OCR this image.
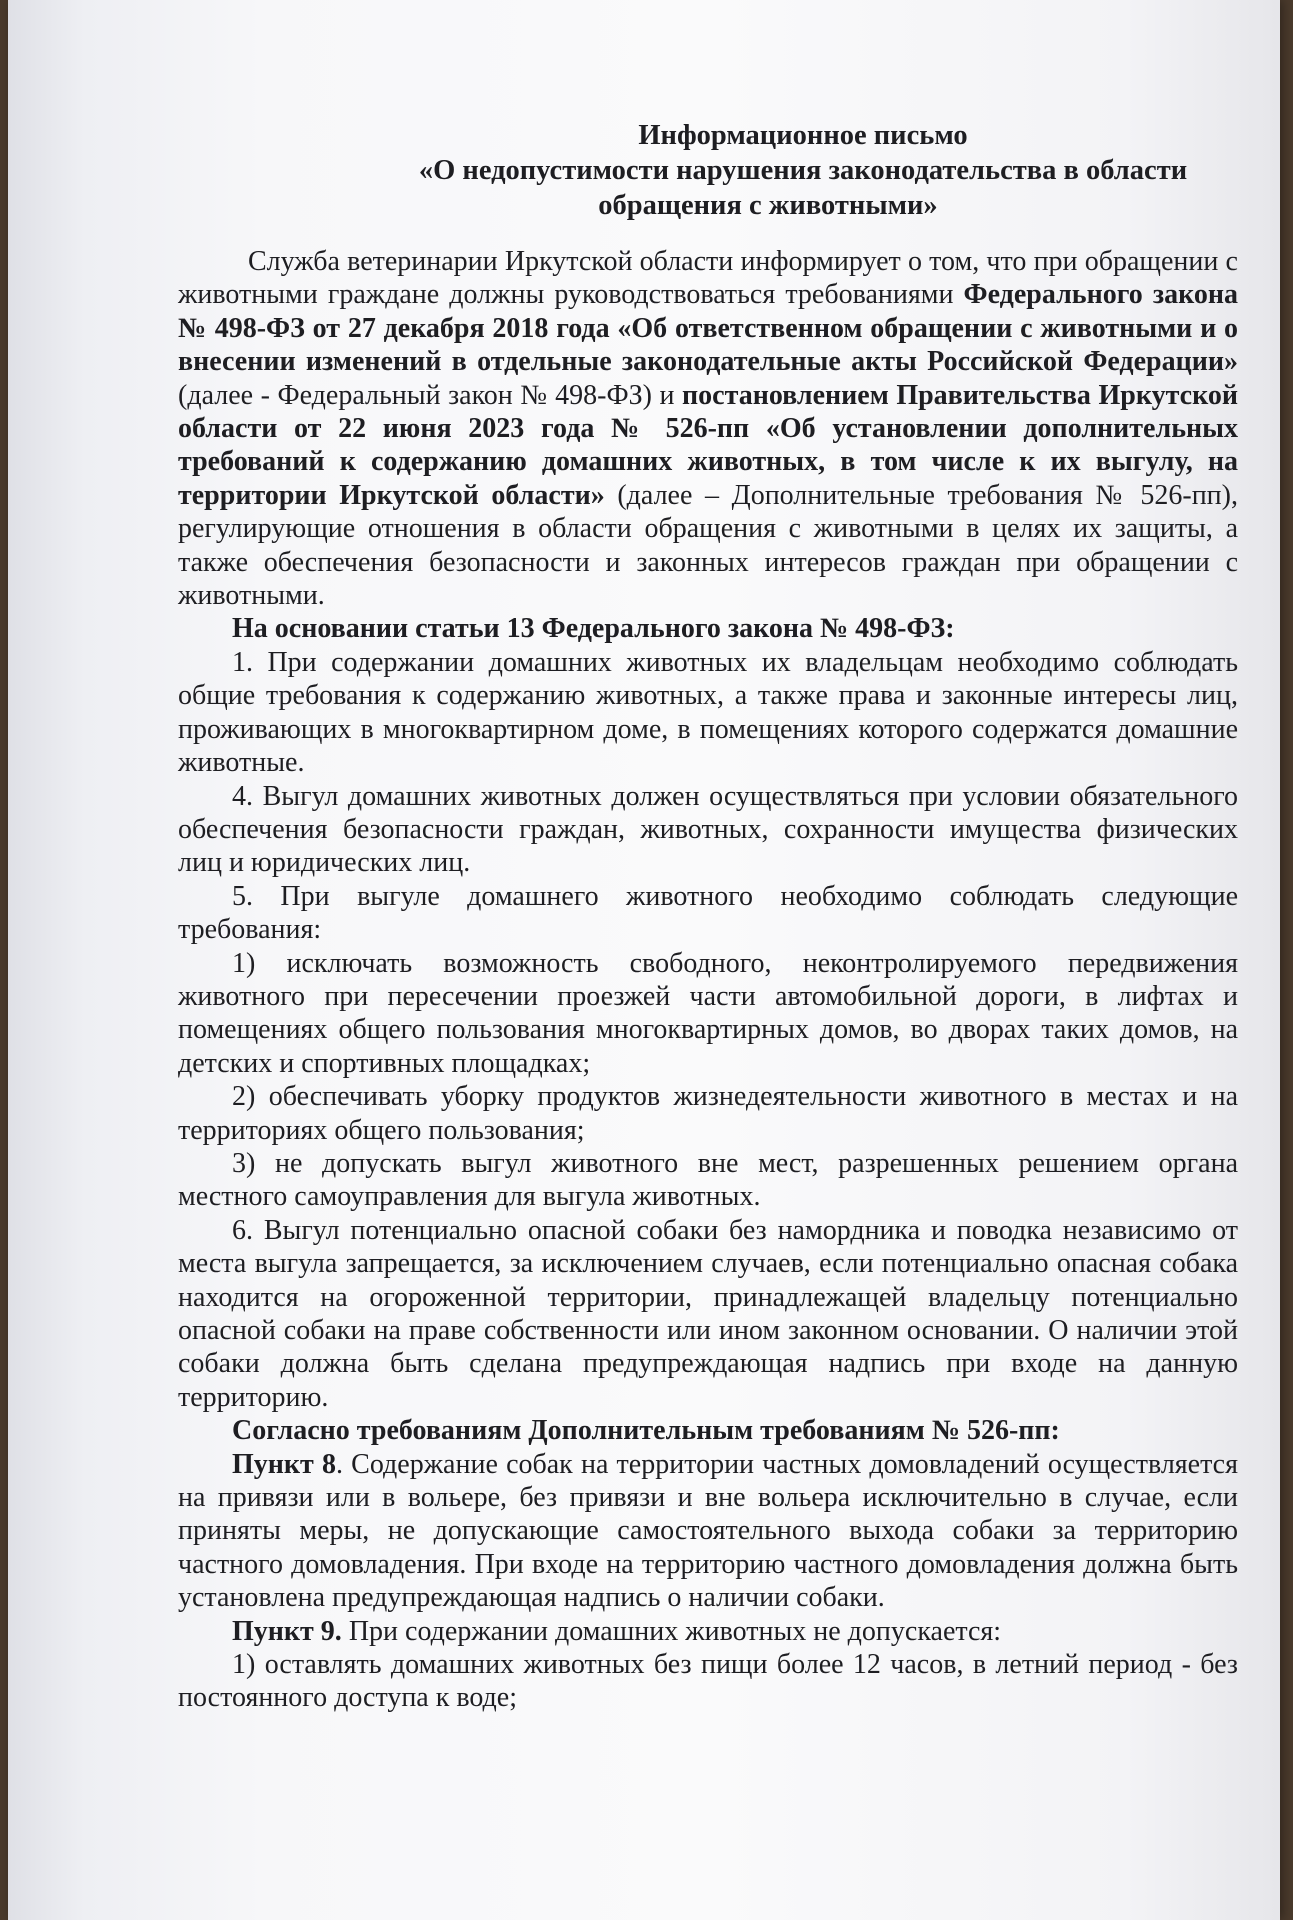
Информационное письмо

«О недопустимости нарушения законодательства в области обращения с животными»

Служба ветеринарии Иркутской области информирует о том, что при обращении с животными граждане должны руководствоваться требованиями Федерального закона № 498-ФЗ от 27 декабря 2018 года «Об ответственном обращении с животными и о внесении изменений в отдельные законодательные акты Российской Федерации» (далее - Федеральный закон № 498-ФЗ) и постановлением Правительства Иркутской области от 22 июня 2023 года № 526-пп «Об установлении дополнительных требований к содержанию домашних животных, в том числе к их выгулу, на территории Иркутской области» (далее – Дополнительные требования № 526-пп), регулирующие отношения в области обращения с животными в целях их защиты, а также обеспечения безопасности и законных интересов граждан при обращении с животными.

На основании статьи 13 Федерального закона № 498-ФЗ:

1. При содержании домашних животных их владельцам необходимо соблюдать общие требования к содержанию животных, а также права и законные интересы лиц, проживающих в многоквартирном доме, в помещениях которого содержатся домашние животные.

4. Выгул домашних животных должен осуществляться при условии обязательного обеспечения безопасности граждан, животных, сохранности имущества физических лиц и юридических лиц.

5. При выгуле домашнего животного необходимо соблюдать следующие требования:

1) исключать возможность свободного, неконтролируемого передвижения животного при пересечении проезжей части автомобильной дороги, в лифтах и помещениях общего пользования многоквартирных домов, во дворах таких домов, на детских и спортивных площадках;

2) обеспечивать уборку продуктов жизнедеятельности животного в местах и на территориях общего пользования;

3) не допускать выгул животного вне мест, разрешенных решением органа местного самоуправления для выгула животных.

6. Выгул потенциально опасной собаки без намордника и поводка независимо от места выгула запрещается, за исключением случаев, если потенциально опасная собака находится на огороженной территории, принадлежащей владельцу потенциально опасной собаки на праве собственности или ином законном основании. О наличии этой собаки должна быть сделана предупреждающая надпись при входе на данную территорию.

Согласно требованиям Дополнительным требованиям № 526-пп:

Пункт 8. Содержание собак на территории частных домовладений осуществляется на привязи или в вольере, без привязи и вне вольера исключительно в случае, если приняты меры, не допускающие самостоятельного выхода собаки за территорию частного домовладения. При входе на территорию частного домовладения должна быть установлена предупреждающая надпись о наличии собаки.

Пункт 9. При содержании домашних животных не допускается:

1) оставлять домашних животных без пищи более 12 часов, в летний период - без постоянного доступа к воде;
